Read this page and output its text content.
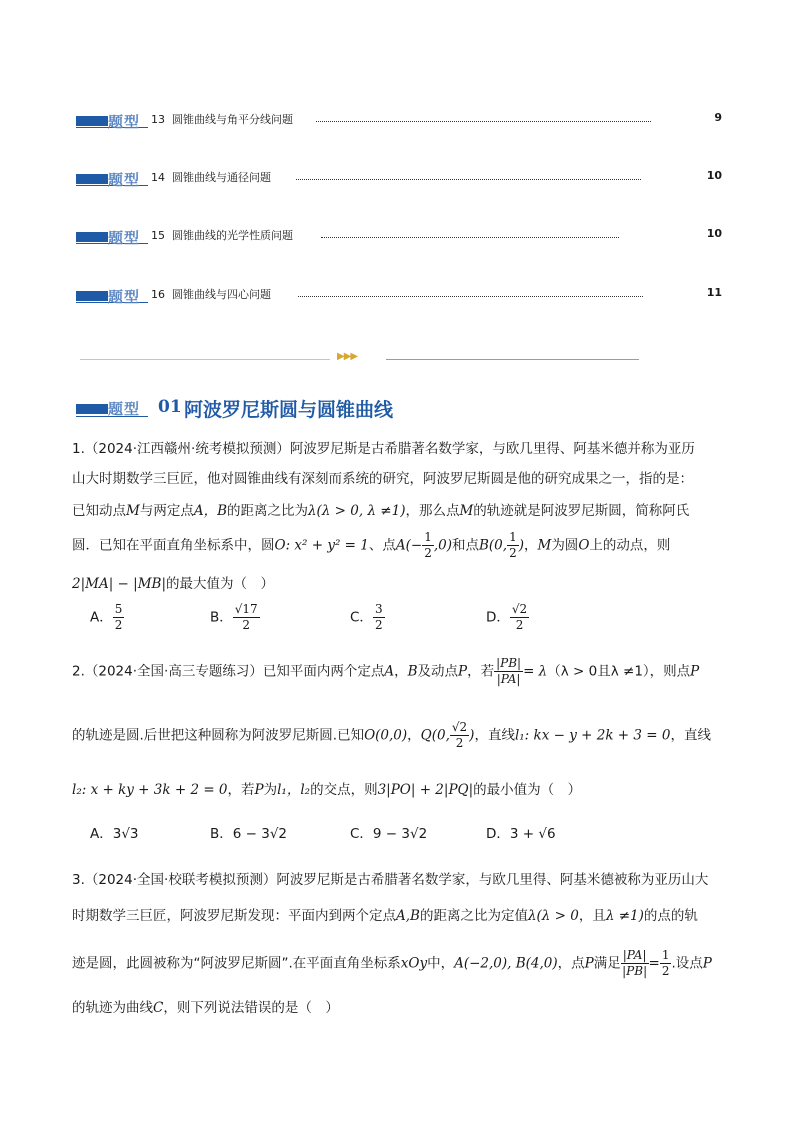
题型 13 圆锥曲线与角平分线问题	9
题型 14 圆锥曲线与通径问题	10
题型 15 圆锥曲线的光学性质问题	10
题型 16 圆锥曲线与四心问题	11
▶▶▶
题型 01 阿波罗尼斯圆与圆锥曲线
1.（2024·江西赣州·统考模拟预测）阿波罗尼斯是古希腊著名数学家，与欧几里得、阿基米德并称为亚历
山大时期数学三巨匠，他对圆锥曲线有深刻而系统的研究，阿波罗尼斯圆是他的研究成果之一，指的是：
已知动点M与两定点A，B的距离之比为λ(λ > 0, λ ≠1)，那么点M的轨迹就是阿波罗尼斯圆，简称阿氏
圆．已知在平面直角坐标系中，圆O: x² + y² = 1、点$A(- \frac{1}{2} ,0)$和点B(0, $\frac{1}{2}$ )，M为圆O上的动点，则
2|MA| − |MB|的最大值为（　）
A． $\frac{5}{2}$	B． $\frac{√17}{2}$	C． $\frac{3}{2}$	D． $\frac{√2}{2}$
2.（2024·全国·高三专题练习）已知平面内两个定点A，B及动点P，若 $\frac{|PB|}{|PA|} = \lambda(\lambda > 0$且λ ≠1），则点P
的轨迹是圆.后世把这种圆称为阿波罗尼斯圆.已知O(0,0)，Q(0, $\frac{√2}{2}$ )，直线l₁: kx − y + 2k + 3 = 0，直线
l₂: x + ky + 3k + 2 = 0，若P为l₁，l₂的交点，则3|PO| + 2|PQ|的最小值为（　）
A．3√3	B．6 − 3√2	C．9 − 3√2	D．3 + √6
3.（2024·全国·校联考模拟预测）阿波罗尼斯是古希腊著名数学家，与欧几里得、阿基米德被称为亚历山大
时期数学三巨匠，阿波罗尼斯发现：平面内到两个定点A,B的距离之比为定值λ(λ > 0，且λ ≠1)的点的轨
迹是圆，此圆被称为“阿波罗尼斯圆”.在平面直角坐标系xOy中，A(−2,0), B(4,0)，点P满足 $\frac{|PA|}{|PB|} = \frac{1}{2}$ .设点P
的轨迹为曲线C，则下列说法错误的是（　）
